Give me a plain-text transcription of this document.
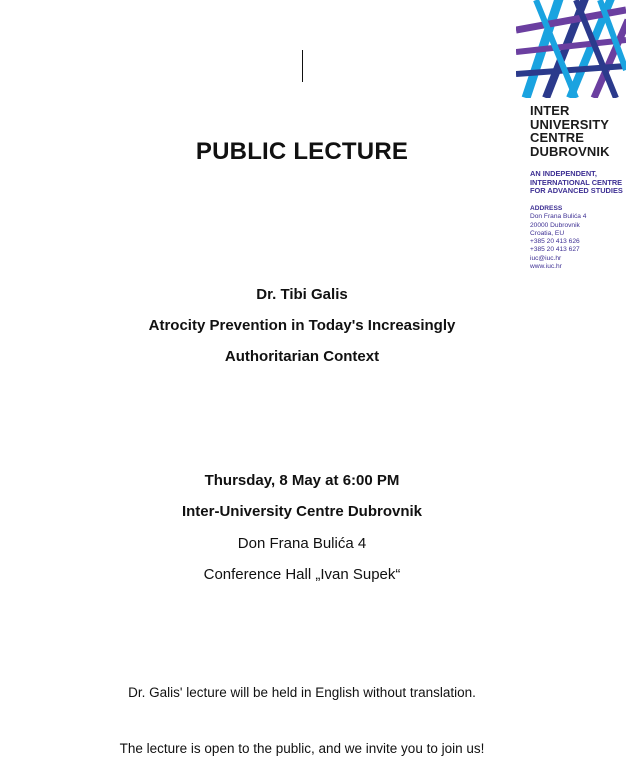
PUBLIC LECTURE
Dr. Tibi Galis
Atrocity Prevention in Today's Increasingly
Authoritarian Context
Thursday, 8 May at 6:00 PM
Inter-University Centre Dubrovnik
Don Frana Bulića 4
Conference Hall „Ivan Supek“
Dr. Galis' lecture will be held in English without translation.
The lecture is open to the public, and we invite you to join us!
INTER
UNIVERSITY
CENTRE
DUBROVNIK
AN INDEPENDENT,
INTERNATIONAL CENTRE
FOR ADVANCED STUDIES
ADDRESS
Don Frana Bulića 4
20000 Dubrovnik
Croatia, EU
+385 20 413 626
+385 20 413 627
iuc@iuc.hr
www.iuc.hr
